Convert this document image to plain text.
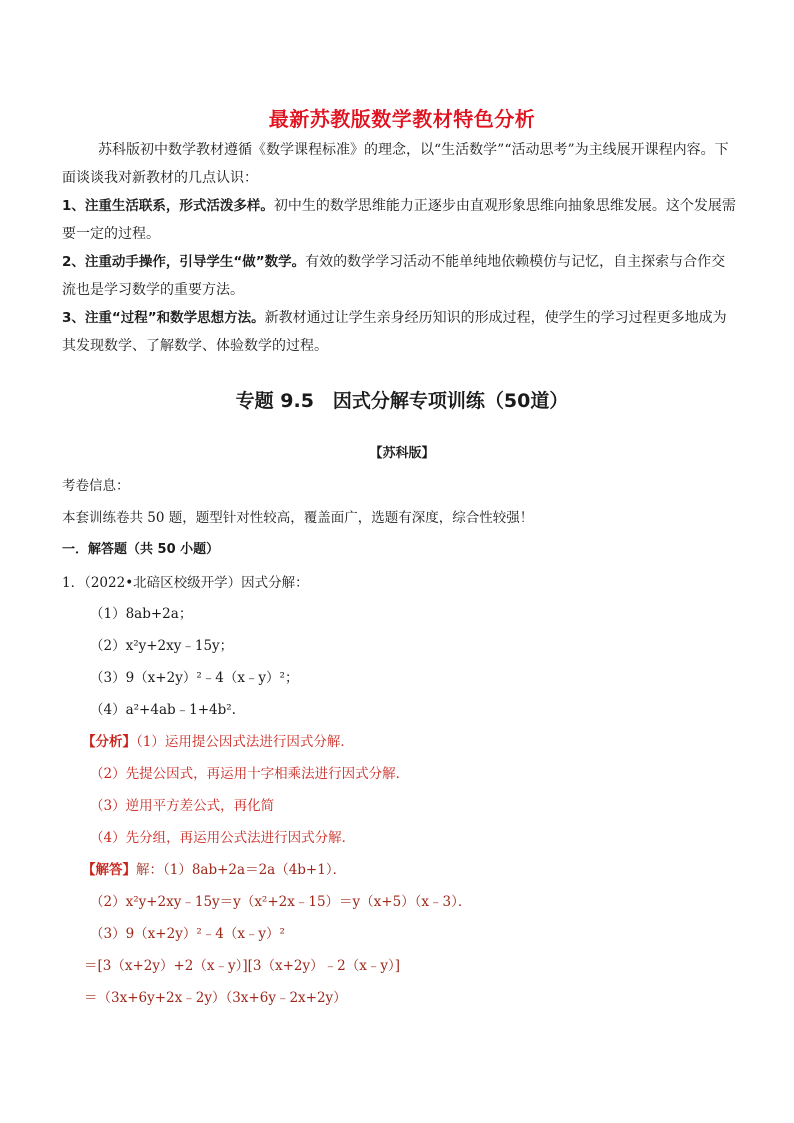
最新苏教版数学教材特色分析
苏科版初中数学教材遵循《数学课程标准》的理念，以“生活数学”“活动思考”为主线展开课程内容。下面谈谈我对新教材的几点认识：
1、注重生活联系，形式活泼多样。初中生的数学思维能力正逐步由直观形象思维向抽象思维发展。这个发展需要一定的过程。
2、注重动手操作，引导学生“做”数学。有效的数学学习活动不能单纯地依赖模仿与记忆，自主探索与合作交流也是学习数学的重要方法。
3、注重“过程”和数学思想方法。新教材通过让学生亲身经历知识的形成过程，使学生的学习过程更多地成为其发现数学、了解数学、体验数学的过程。
专题 9.5　因式分解专项训练（50道）
【苏科版】
考卷信息：
本套训练卷共 50 题，题型针对性较高，覆盖面广，选题有深度，综合性较强！
一．解答题（共 50 小题）
1．（2022•北碚区校级开学）因式分解：
（1）8ab+2a；
（2）x²y+2xy﹣15y；
（3）9（x+2y）²﹣4（x﹣y）²；
（4）a²+4ab﹣1+4b².
【分析】（1）运用提公因式法进行因式分解．
（2）先提公因式，再运用十字相乘法进行因式分解．
（3）逆用平方差公式，再化简
（4）先分组，再运用公式法进行因式分解．
【解答】解：（1）8ab+2a＝2a（4b+1）．
（2）x²y+2xy﹣15y＝y（x²+2x﹣15）＝y（x+5）（x﹣3）．
（3）9（x+2y）²﹣4（x﹣y）²
＝[3（x+2y）+2（x﹣y）][3（x+2y）﹣2（x﹣y）]
＝（3x+6y+2x﹣2y）（3x+6y﹣2x+2y）
